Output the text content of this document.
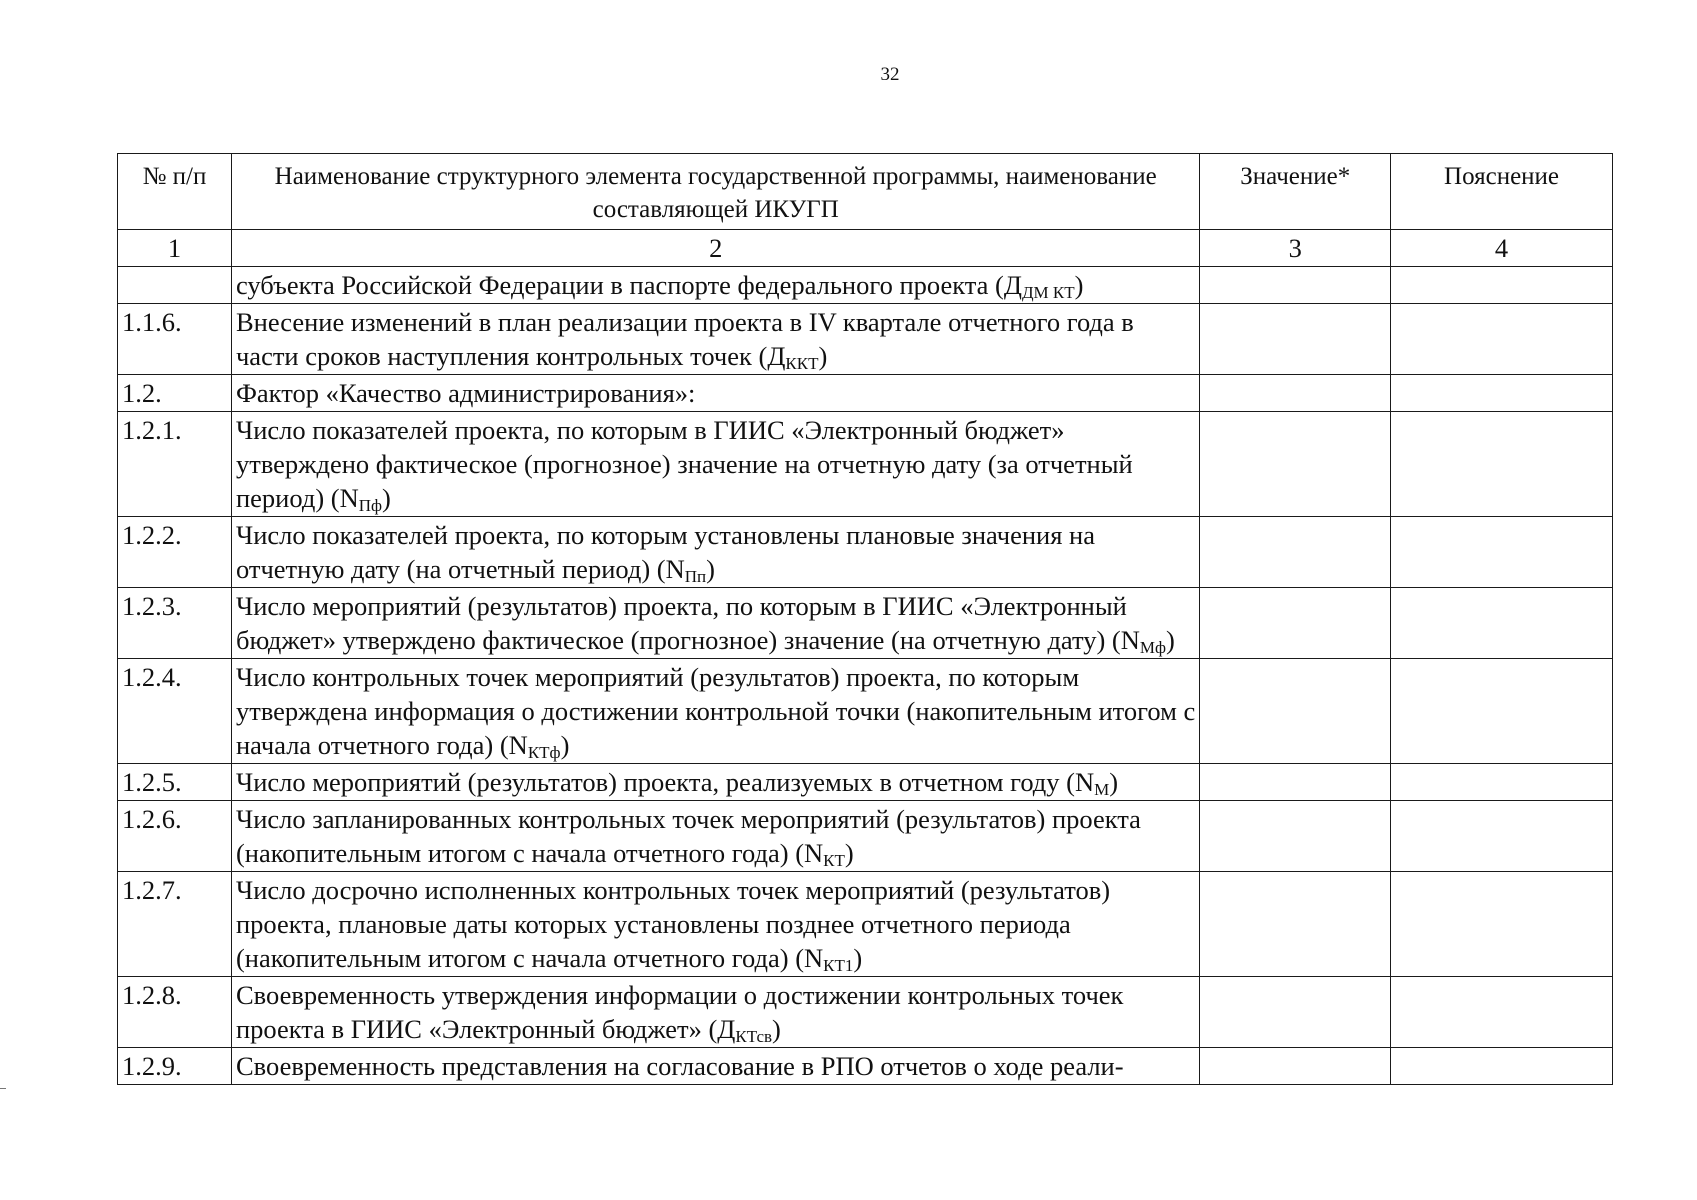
32
№ п/п	Наименование структурного элемента государственной программы, наименование составляющей ИКУГП	Значение*	Пояснение
1	2	3	4
	субъекта Российской Федерации в паспорте федерального проекта $(Д_{ДМ КТ})$		
1.1.6.	Внесение изменений в план реализации проекта в IV квартале отчетного года в части сроков наступления контрольных точек $(Д_{ККТ})$		
1.2.	Фактор «Качество администрирования»:		
1.2.1.	Число показателей проекта, по которым в ГИИС «Электронный бюджет» утверждено фактическое (прогнозное) значение на отчетную дату (за отчетный период) $(N_{Пф})$		
1.2.2.	Число показателей проекта, по которым установлены плановые значения на отчетную дату (на отчетный период) $(N_{Пп})$		
1.2.3.	Число мероприятий (результатов) проекта, по которым в ГИИС «Электронный бюджет» утверждено фактическое (прогнозное) значение (на отчетную дату) $(N_{Мф})$		
1.2.4.	Число контрольных точек мероприятий (результатов) проекта, по которым утверждена информация о достижении контрольной точки (накопительным итогом с начала отчетного года) $(N_{КТф})$		
1.2.5.	Число мероприятий (результатов) проекта, реализуемых в отчетном году $(N_М)$		
1.2.6.	Число запланированных контрольных точек мероприятий (результатов) проекта (накопительным итогом с начала отчетного года) $(N_{КТ})$		
1.2.7.	Число досрочно исполненных контрольных точек мероприятий (результатов) проекта, плановые даты которых установлены позднее отчетного периода (накопительным итогом с начала отчетного года) $(N_{КТ1})$		
1.2.8.	Своевременность утверждения информации о достижении контрольных точек проекта в ГИИС «Электронный бюджет» $(Д_{КТсв})$		
1.2.9.	Своевременность представления на согласование в РПО отчетов о ходе реали-		
